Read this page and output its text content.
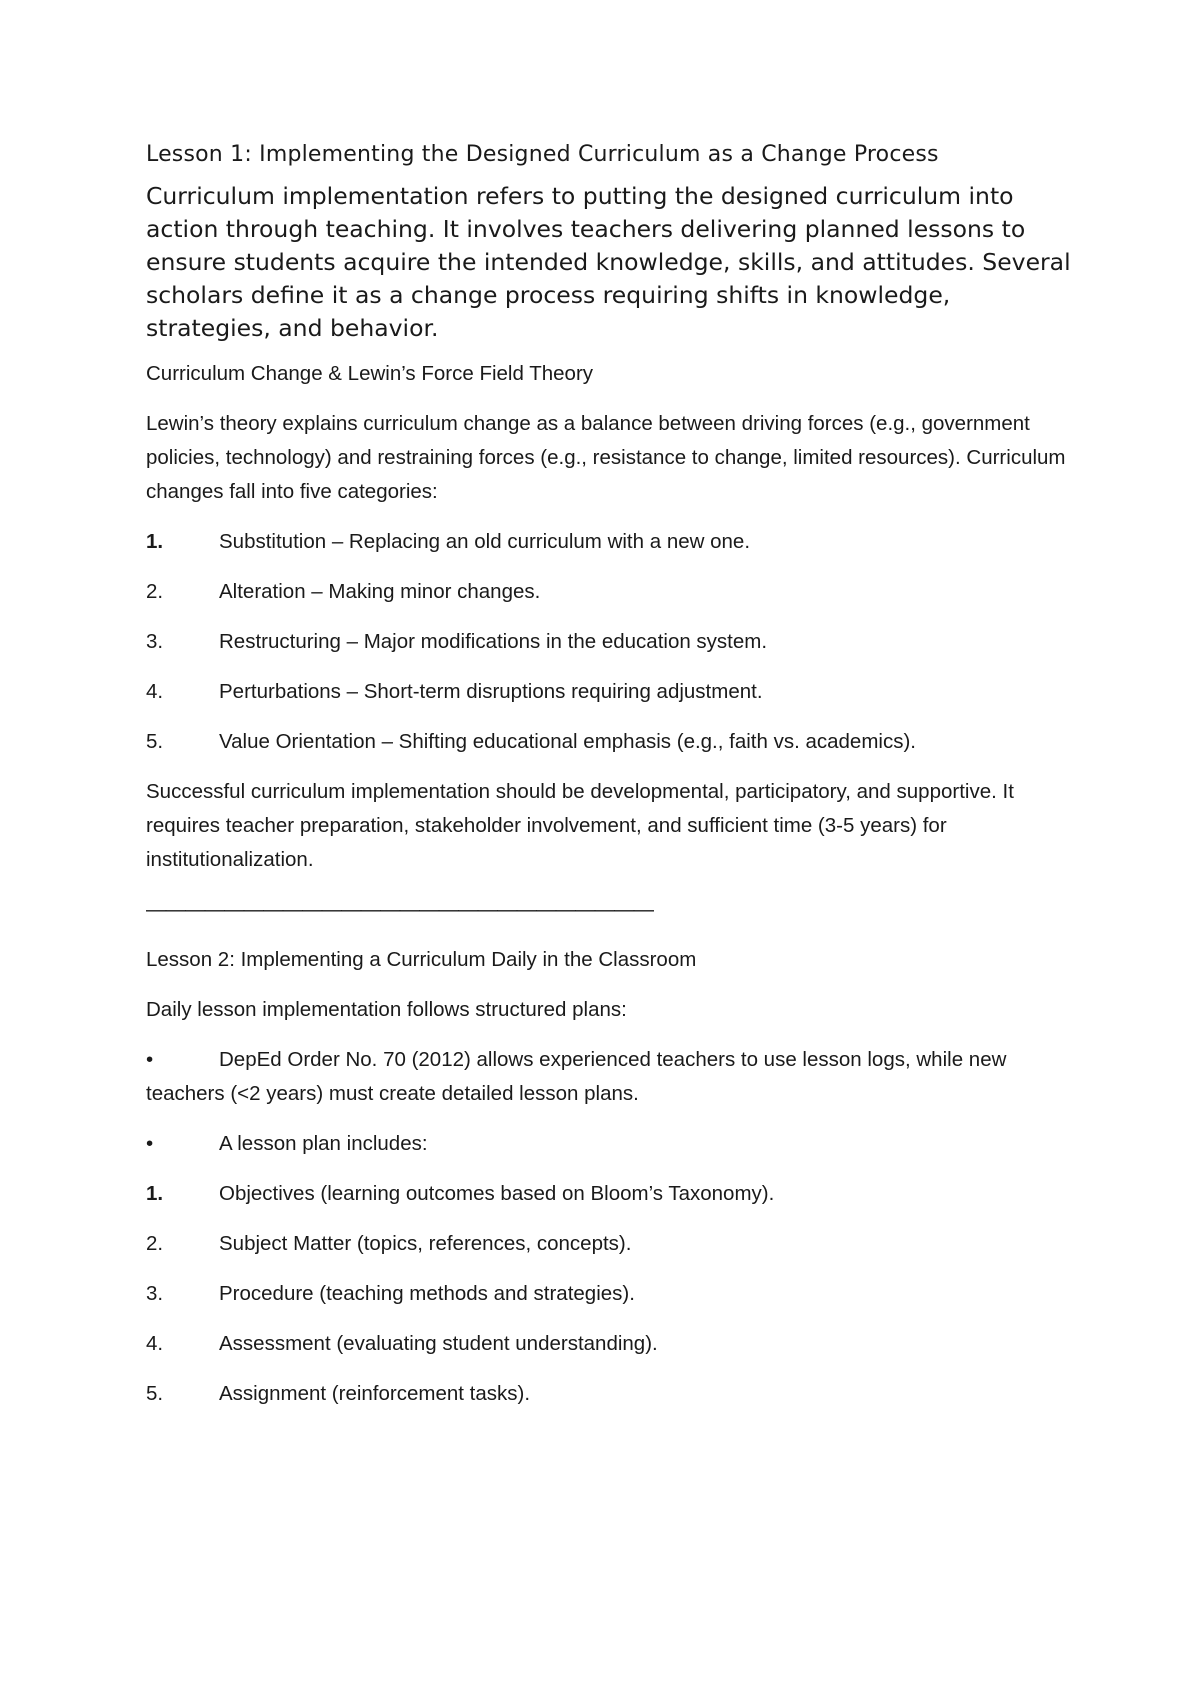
Lesson 1: Implementing the Designed Curriculum as a Change Process
Curriculum implementation refers to putting the designed curriculum into action through teaching. It involves teachers delivering planned lessons to ensure students acquire the intended knowledge, skills, and attitudes. Several scholars define it as a change process requiring shifts in knowledge, strategies, and behavior.
Curriculum Change & Lewin’s Force Field Theory
Lewin’s theory explains curriculum change as a balance between driving forces (e.g., government policies, technology) and restraining forces (e.g., resistance to change, limited resources). Curriculum changes fall into five categories:
1.	Substitution – Replacing an old curriculum with a new one.
2.	Alteration – Making minor changes.
3.	Restructuring – Major modifications in the education system.
4.	Perturbations – Short-term disruptions requiring adjustment.
5.	Value Orientation – Shifting educational emphasis (e.g., faith vs. academics).
Successful curriculum implementation should be developmental, participatory, and supportive. It requires teacher preparation, stakeholder involvement, and sufficient time (3-5 years) for institutionalization.
——————————————————————————
Lesson 2: Implementing a Curriculum Daily in the Classroom
Daily lesson implementation follows structured plans:
•	DepEd Order No. 70 (2012) allows experienced teachers to use lesson logs, while new teachers (<2 years) must create detailed lesson plans.
•	A lesson plan includes:
1.	Objectives (learning outcomes based on Bloom’s Taxonomy).
2.	Subject Matter (topics, references, concepts).
3.	Procedure (teaching methods and strategies).
4.	Assessment (evaluating student understanding).
5.	Assignment (reinforcement tasks).
